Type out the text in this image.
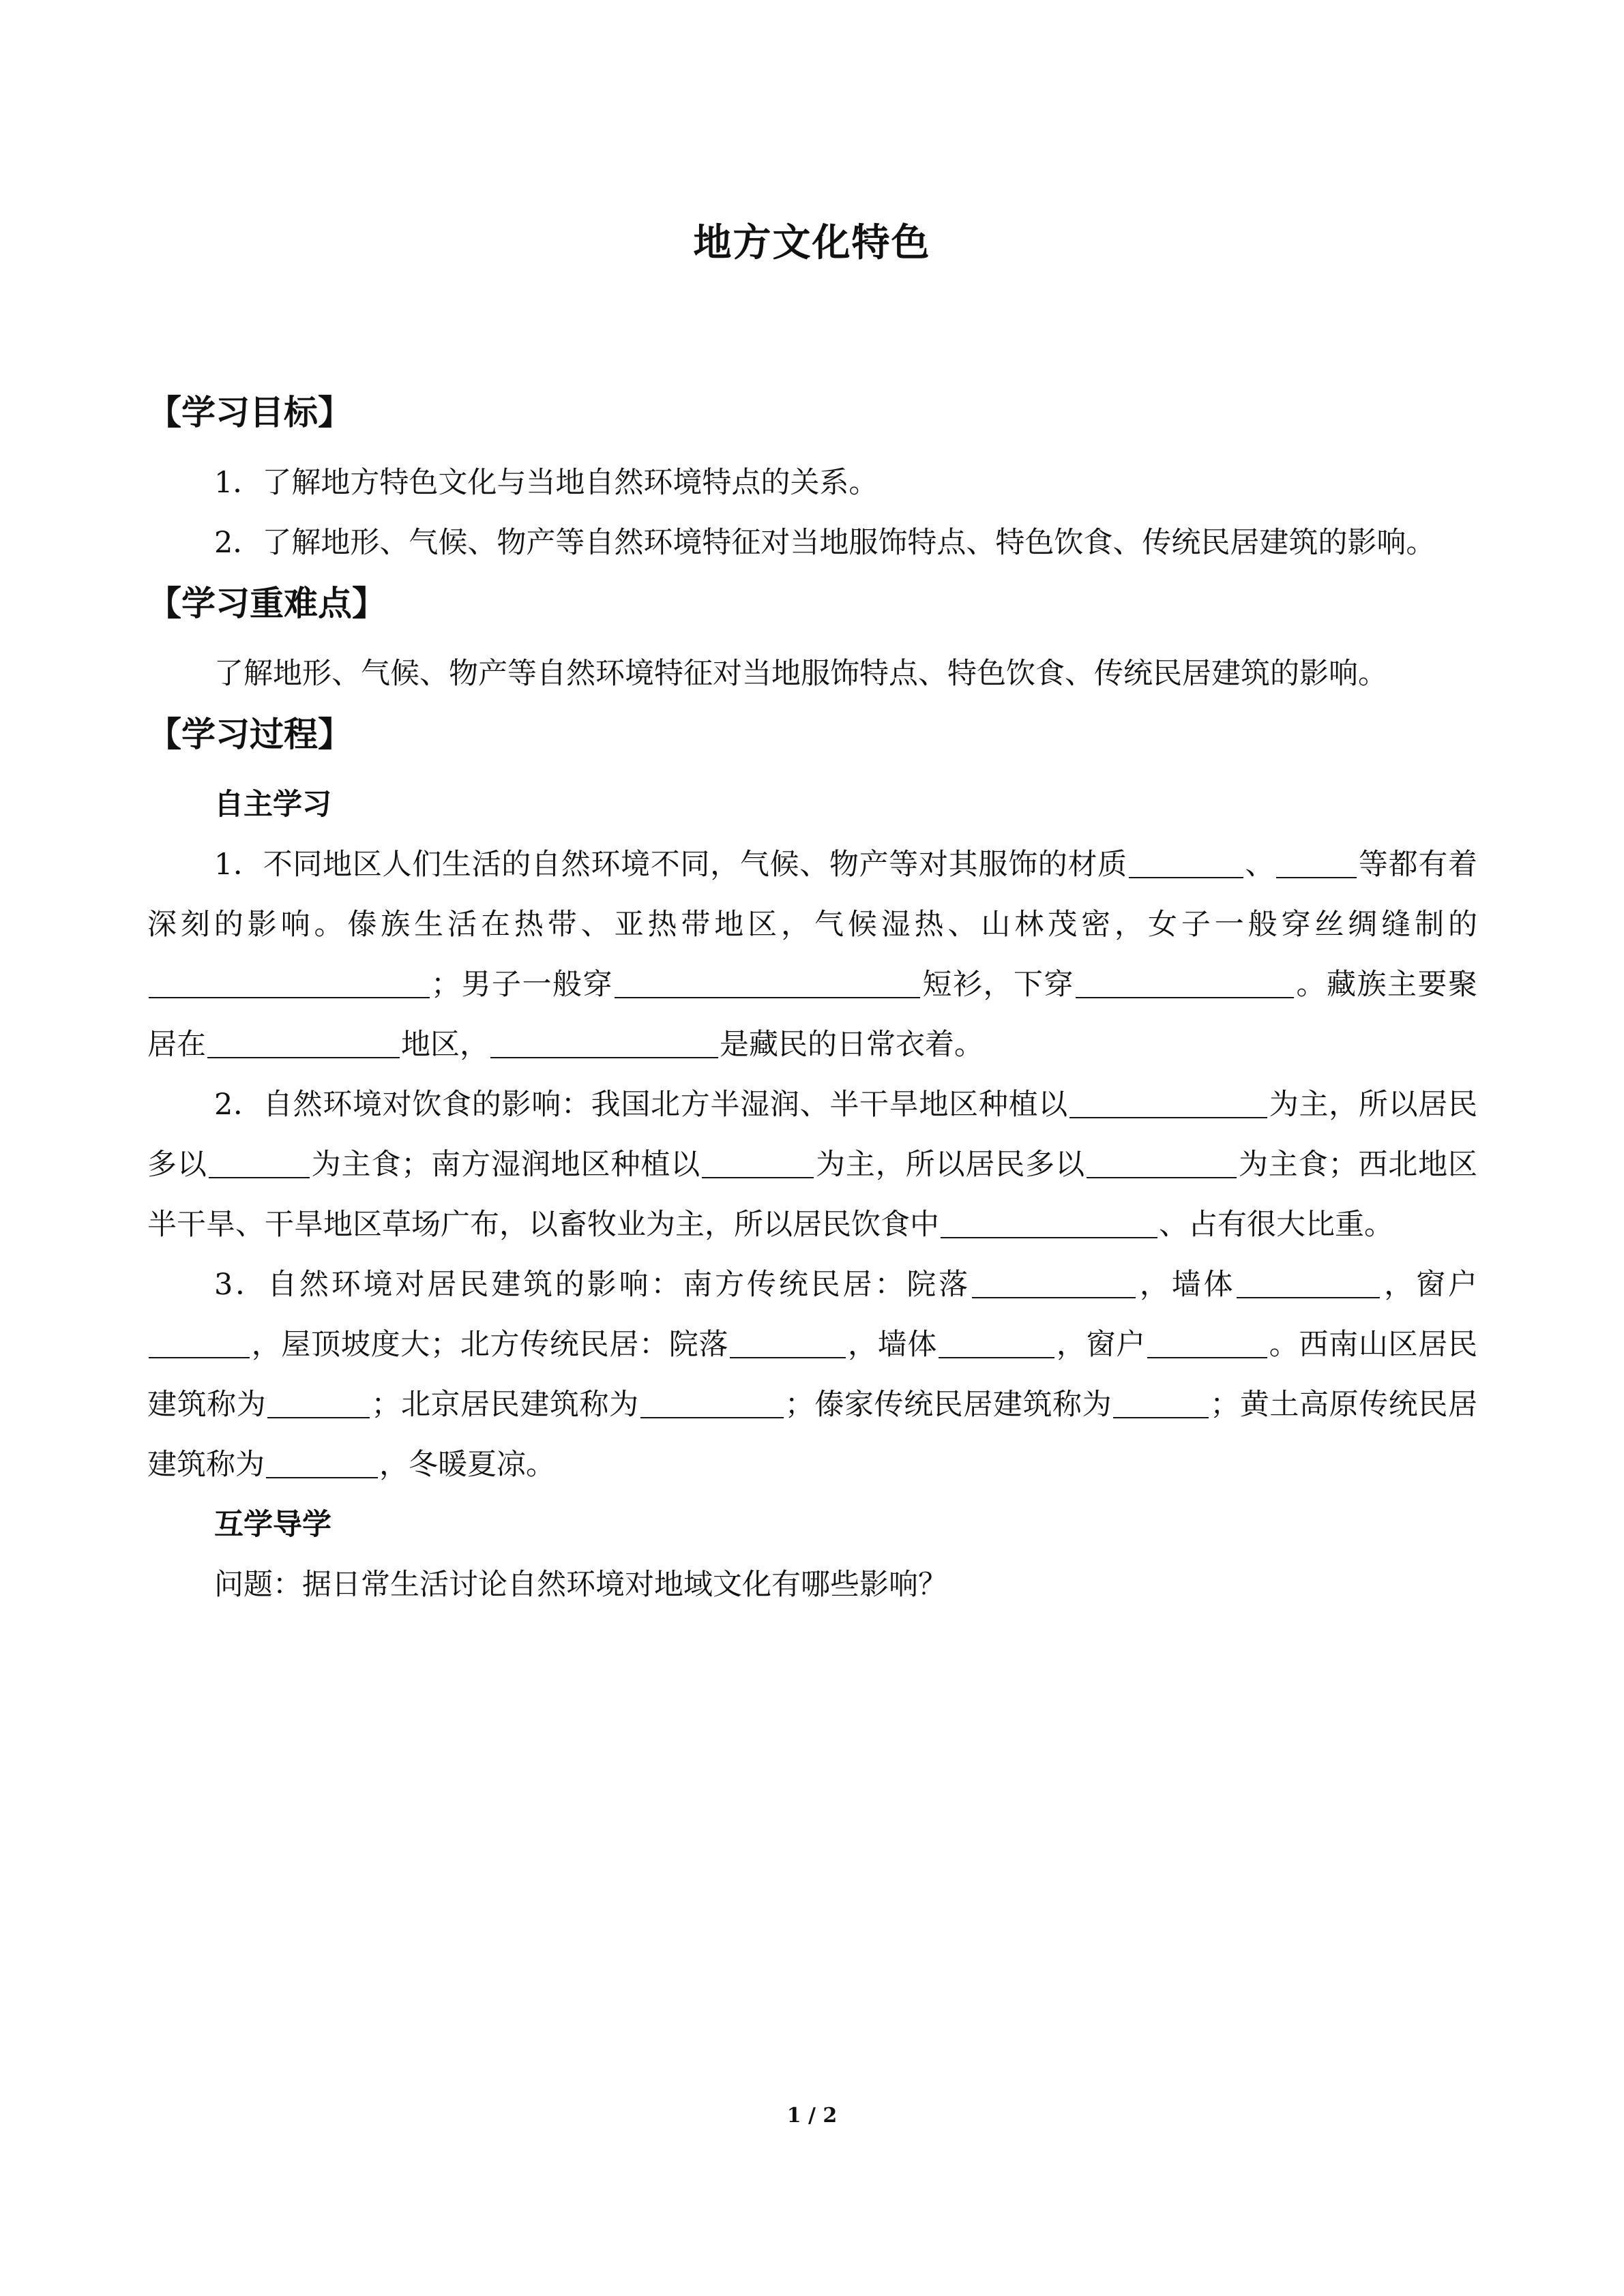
地方文化特色
【学习目标】

1．了解地方特色文化与当地自然环境特点的关系。

2．了解地形、气候、物产等自然环境特征对当地服饰特点、特色饮食、传统民居建筑的影响。

【学习重难点】

了解地形、气候、物产等自然环境特征对当地服饰特点、特色饮食、传统民居建筑的影响。

【学习过程】

自主学习

1．不同地区人们生活的自然环境不同，气候、物产等对其服饰的材质	、	等都有着深刻的影响。傣族生活在热带、亚热带地区，气候湿热、山林茂密，女子一般穿丝绸缝制的；男子一般穿	短衫，下穿	。藏族主要聚居在	地区，	是藏民的日常衣着。

2．自然环境对饮食的影响：我国北方半湿润、半干旱地区种植以	为主，所以居民多以	为主食；南方湿润地区种植以	为主，所以居民多以	为主食；西北地区半干旱、干旱地区草场广布，以畜牧业为主，所以居民饮食中	、占有很大比重。

3．自然环境对居民建筑的影响：南方传统民居：院落	，墙体	，窗户，屋顶坡度大；北方传统民居：院落	，墙体	，窗户	。西南山区居民建筑称为	；北京居民建筑称为	；傣家传统民居建筑称为	；黄土高原传统民居建筑称为	，冬暖夏凉。

互学导学

问题：据日常生活讨论自然环境对地域文化有哪些影响？

1 / 2
